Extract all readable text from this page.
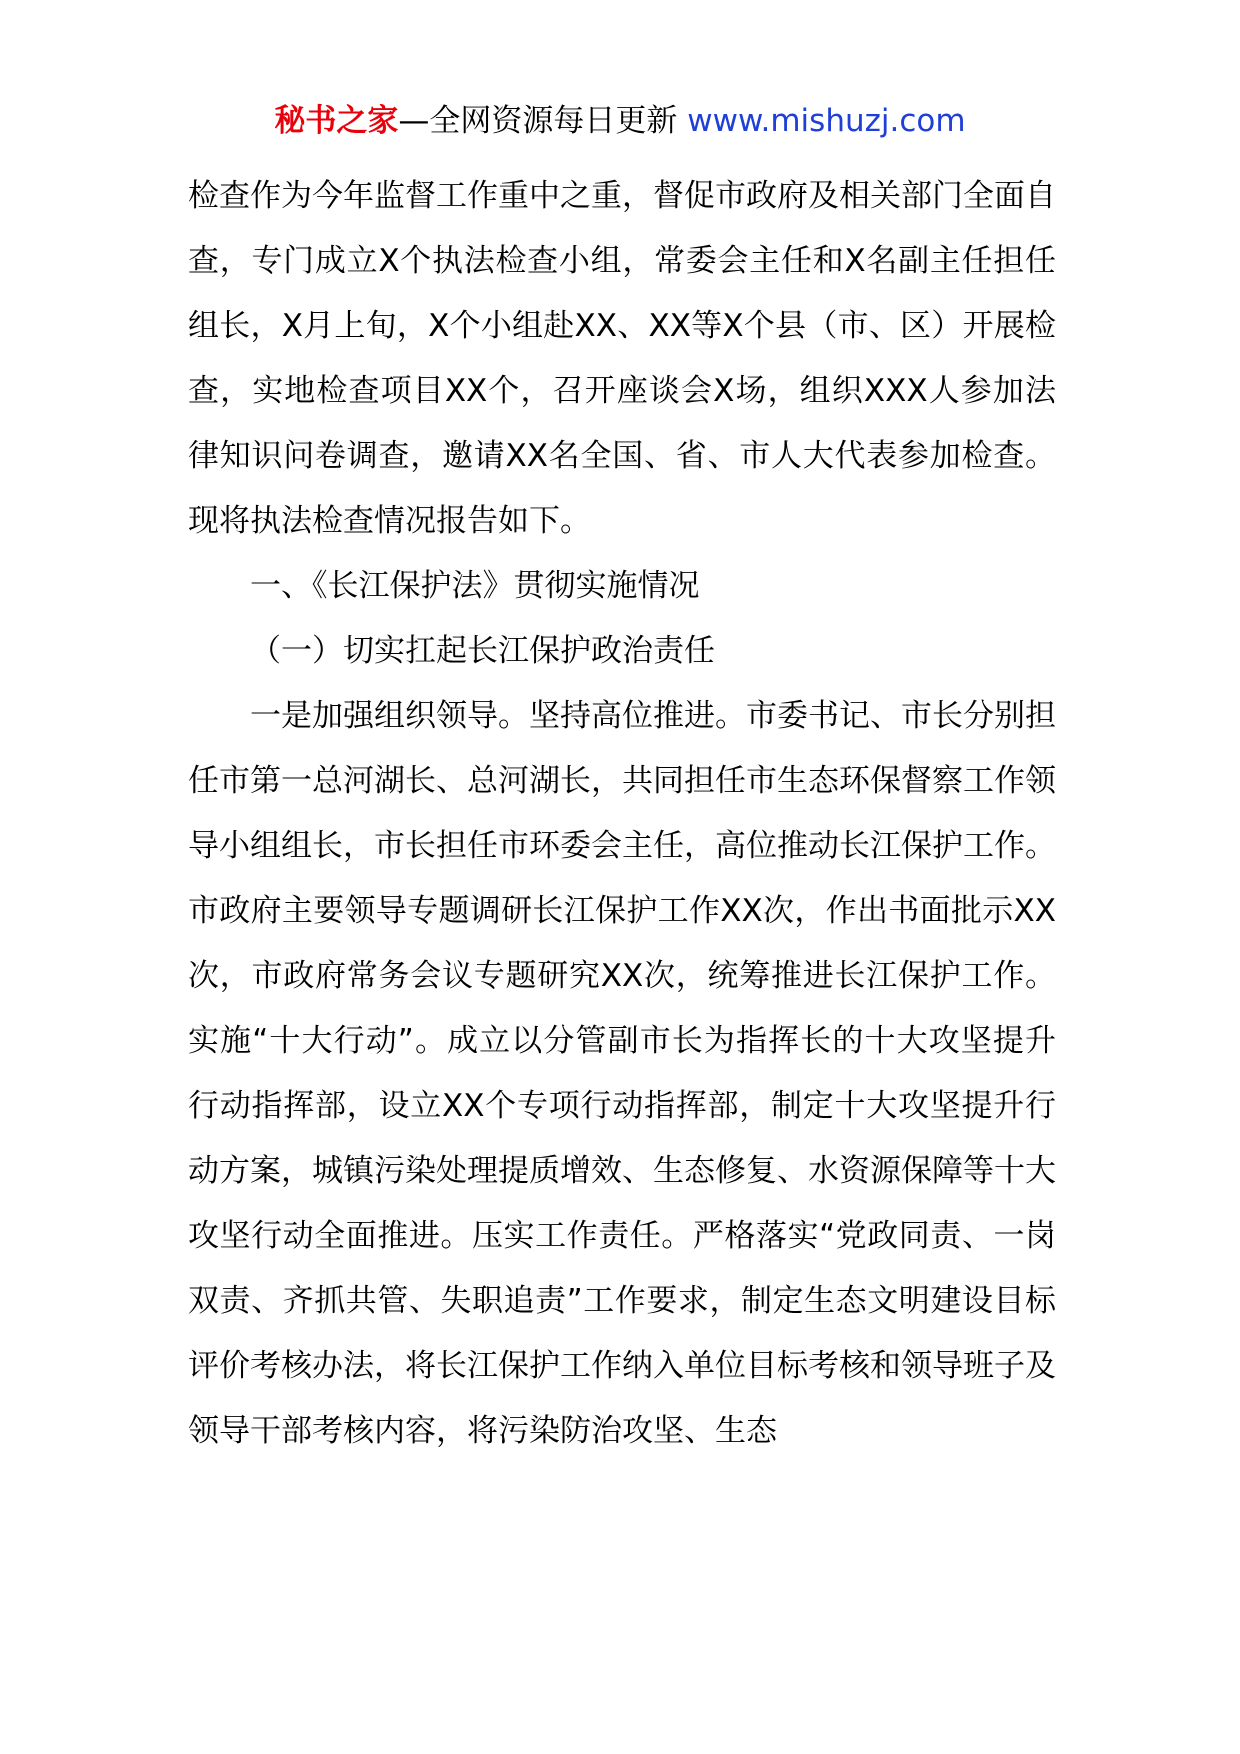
秘书之家—全网资源每日更新 www.mishuzj.com

检查作为今年监督工作重中之重，督促市政府及相关部门全面自查，专门成立X个执法检查小组，常委会主任和X名副主任担任组长，X月上旬，X个小组赴XX、XX等X个县（市、区）开展检查，实地检查项目XX个，召开座谈会X场，组织XXX人参加法律知识问卷调查，邀请XX名全国、省、市人大代表参加检查。现将执法检查情况报告如下。

一、《长江保护法》贯彻实施情况

（一）切实扛起长江保护政治责任

一是加强组织领导。坚持高位推进。市委书记、市长分别担任市第一总河湖长、总河湖长，共同担任市生态环保督察工作领导小组组长，市长担任市环委会主任，高位推动长江保护工作。市政府主要领导专题调研长江保护工作XX次，作出书面批示XX次，市政府常务会议专题研究XX次，统筹推进长江保护工作。实施“十大行动”。成立以分管副市长为指挥长的十大攻坚提升行动指挥部，设立XX个专项行动指挥部，制定十大攻坚提升行动方案，城镇污染处理提质增效、生态修复、水资源保障等十大攻坚行动全面推进。压实工作责任。严格落实“党政同责、一岗双责、齐抓共管、失职追责”工作要求，制定生态文明建设目标评价考核办法，将长江保护工作纳入单位目标考核和领导班子及领导干部考核内容，将污染防治攻坚、生态
